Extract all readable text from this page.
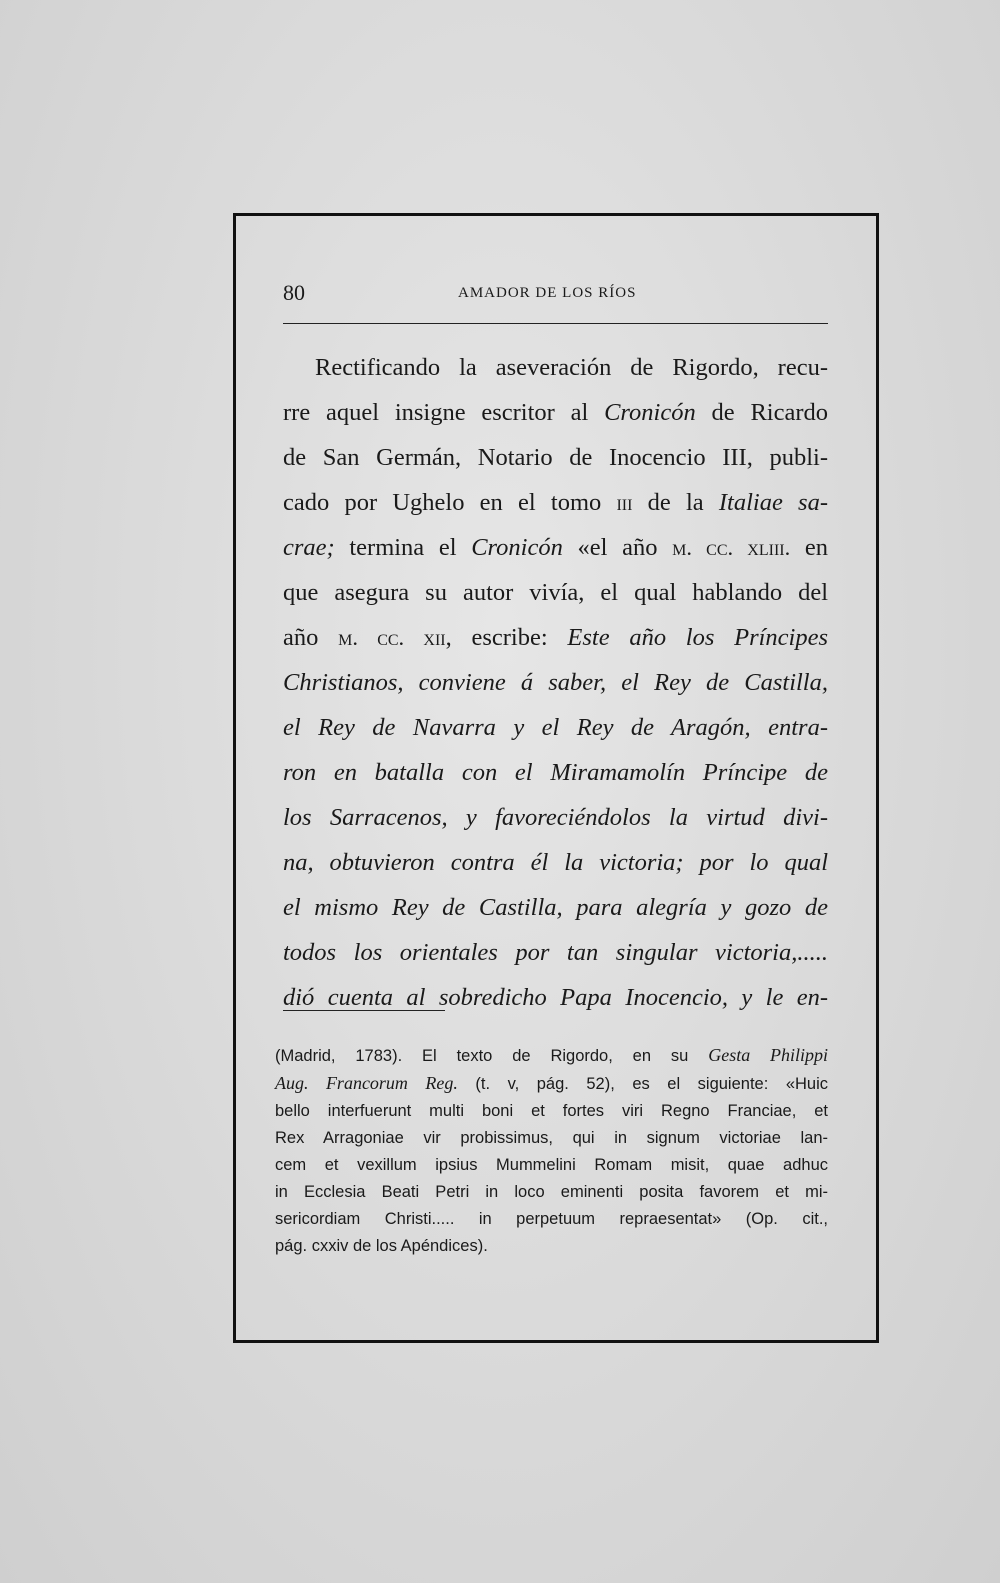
80	AMADOR DE LOS RÍOS
Rectificando la aseveración de Rigordo, recu-
rre aquel insigne escritor al Cronicón de Ricardo
de San Germán, Notario de Inocencio III, publi-
cado por Ughelo en el tomo iii de la Italiae sa-
crae; termina el Cronicón «el año m. cc. xliii. en
que asegura su autor vivía, el qual hablando del
año m. cc. xii, escribe: Este año los Príncipes
Christianos, conviene á saber, el Rey de Castilla,
el Rey de Navarra y el Rey de Aragón, entra-
ron en batalla con el Miramamolín Príncipe de
los Sarracenos, y favoreciéndolos la virtud divi-
na, obtuvieron contra él la victoria; por lo qual
el mismo Rey de Castilla, para alegría y gozo de
todos los orientales por tan singular victoria,.....
dió cuenta al sobredicho Papa Inocencio, y le en-
(Madrid, 1783). El texto de Rigordo, en su Gesta Philippi
Aug. Francorum Reg. (t. v, pág. 52), es el siguiente: «Huic
bello interfuerunt multi boni et fortes viri Regno Franciae, et
Rex Arragoniae vir probissimus, qui in signum victoriae lan-
cem et vexillum ipsius Mummelini Romam misit, quae adhuc
in Ecclesia Beati Petri in loco eminenti posita favorem et mi-
sericordiam Christi..... in perpetuum repraesentat» (Op. cit.,
pág. cxxiv de los Apéndices).
